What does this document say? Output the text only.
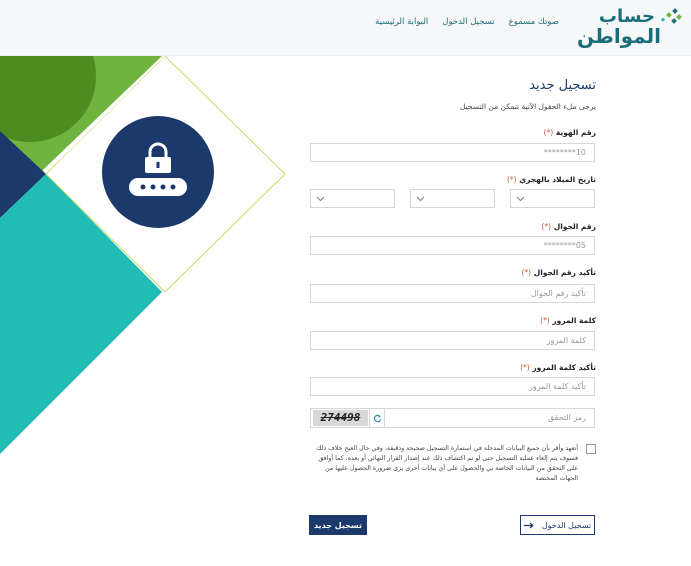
حساب
المواطن
البوابة الرئيسية تسجيل الدخول صوتك مسموع
تسجيل جديد
يرجى ملء الحقول الآتية تتمكن من التسجيل
رقم الهوية (*)
10********
تاريخ الميلاد بالهجري (*)
رقم الجوال (*)
05********
تأكيد رقم الجوال (*)
تأكيد رقم الجوال
كلمة المرور (*)
كلمة المرور
تأكيد كلمة المرور (*)
تأكيد كلمة المرور
رمز التحقق
274498
أتعهد وأقر بأن جميع البيانات المدخلة في استمارة التسجيل صحيحة ودقيقة، وفي حال الغبح خلاف ذلك فسوف يتم إلغاء عملية التسجيل حتى لو تم اكتشاف ذلك عند إصدار القرار النهائي أو بعده، كما أوافق على التحقق من البيانات الخاصة بي والحصول على أي بيانات أخرى يرى ضرورة الحصول عليها من الجهات المختصة
تسجيل الدخول
تسجيل جديد
